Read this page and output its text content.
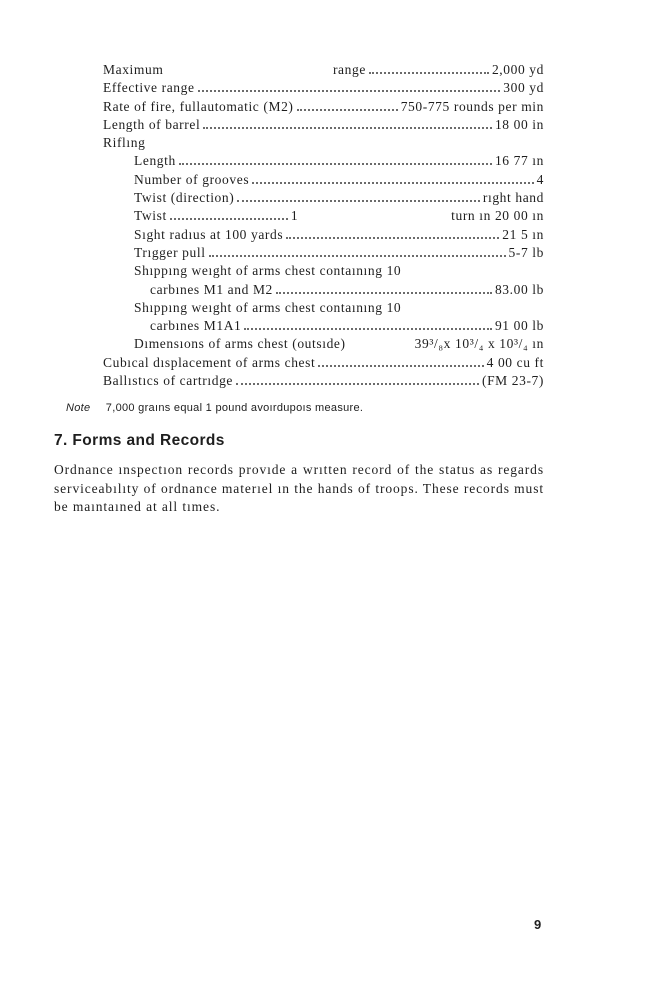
Maximum	range	2,000 yd
Effective range	300 yd
Rate of fire, fullautomatic (M2)	750-775 rounds per min
Length of barrel	18 00 in
Riflıng
Length	16 77 ın
Number of grooves	4
Twist (direction)	rıght hand
Twist	1	turn ın 20 00 ın
Sıght radıus at 100 yards	21 5 ın
Trıgger pull	5-7 lb
Shıppıng weıght of arms chest contaınıng 10
carbınes M1 and M2	83.00 lb
Shıppıng weıght of arms chest contaınıng 10
carbınes M1A1	91 00 lb
Dımensıons of arms chest (outsıde)	39³/₈x 10³/₄ x 10³/₄ ın
Cubıcal dısplacement of arms chest	4 00 cu ft
Ballıstıcs of cartrıdge	(FM 23-7)
Note 7,000 graıns equal 1 pound avoırdupoıs measure.
7. Forms and Records

Ordnance ınspectıon records provıde a wrıtten record of the status as regards serviceabılıty of ordnance materıel ın the hands of troops. These records must be maıntaıned at all tımes.

9
